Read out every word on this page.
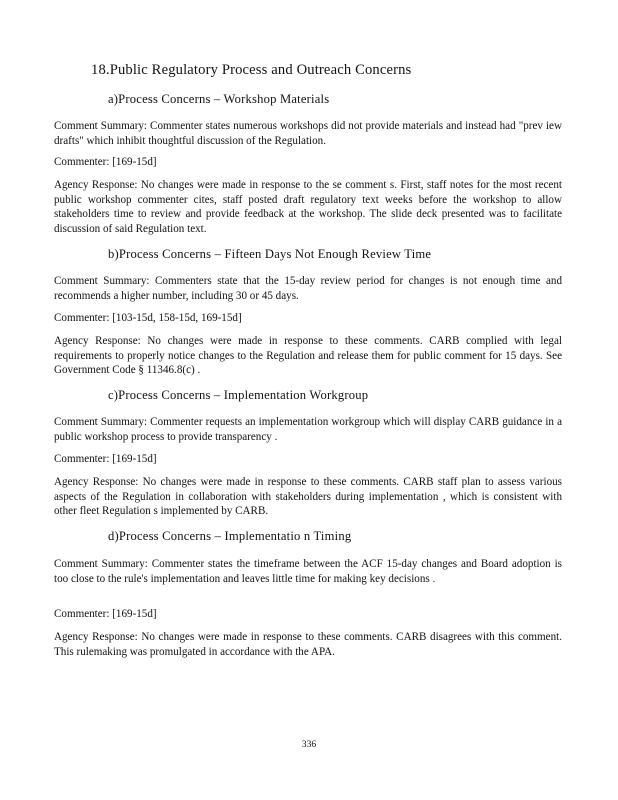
18.Public Regulatory Process and Outreach Concerns
a)Process Concerns – Workshop Materials

Comment Summary: Commenter states numerous workshops did not provide materials and instead had "prev iew drafts" which inhibit thoughtful discussion of the Regulation.

Commenter: [169-15d]

Agency Response: No changes were made in response to the se comment s. First, staff notes for the most recent public workshop commenter cites, staff posted draft regulatory text weeks before the workshop to allow stakeholders time to review and provide feedback at the workshop. The slide deck presented was to facilitate discussion of said Regulation text.

b)Process Concerns – Fifteen Days Not Enough Review Time

Comment Summary: Commenters state that the 15-day review period for changes is not enough time and recommends a higher number, including 30 or 45 days.

Commenter: [103-15d, 158-15d, 169-15d]

Agency Response: No changes were made in response to these comments. CARB complied with legal requirements to properly notice changes to the Regulation and release them for public comment for 15 days. See Government Code § 11346.8(c) .

c)Process Concerns – Implementation Workgroup

Comment Summary: Commenter requests an implementation workgroup which will display CARB guidance in a public workshop process to provide transparency .

Commenter: [169-15d]

Agency Response: No changes were made in response to these comments. CARB staff plan to assess various aspects of the Regulation in collaboration with stakeholders during implementation , which is consistent with other fleet Regulation s implemented by CARB.

d)Process Concerns – Implementatio n Timing

Comment Summary: Commenter states the timeframe between the ACF 15-day changes and Board adoption is too close to the rule's implementation and leaves little time for making key decisions .

Commenter: [169-15d]

Agency Response: No changes were made in response to these comments. CARB disagrees with this comment. This rulemaking was promulgated in accordance with the APA.

336
